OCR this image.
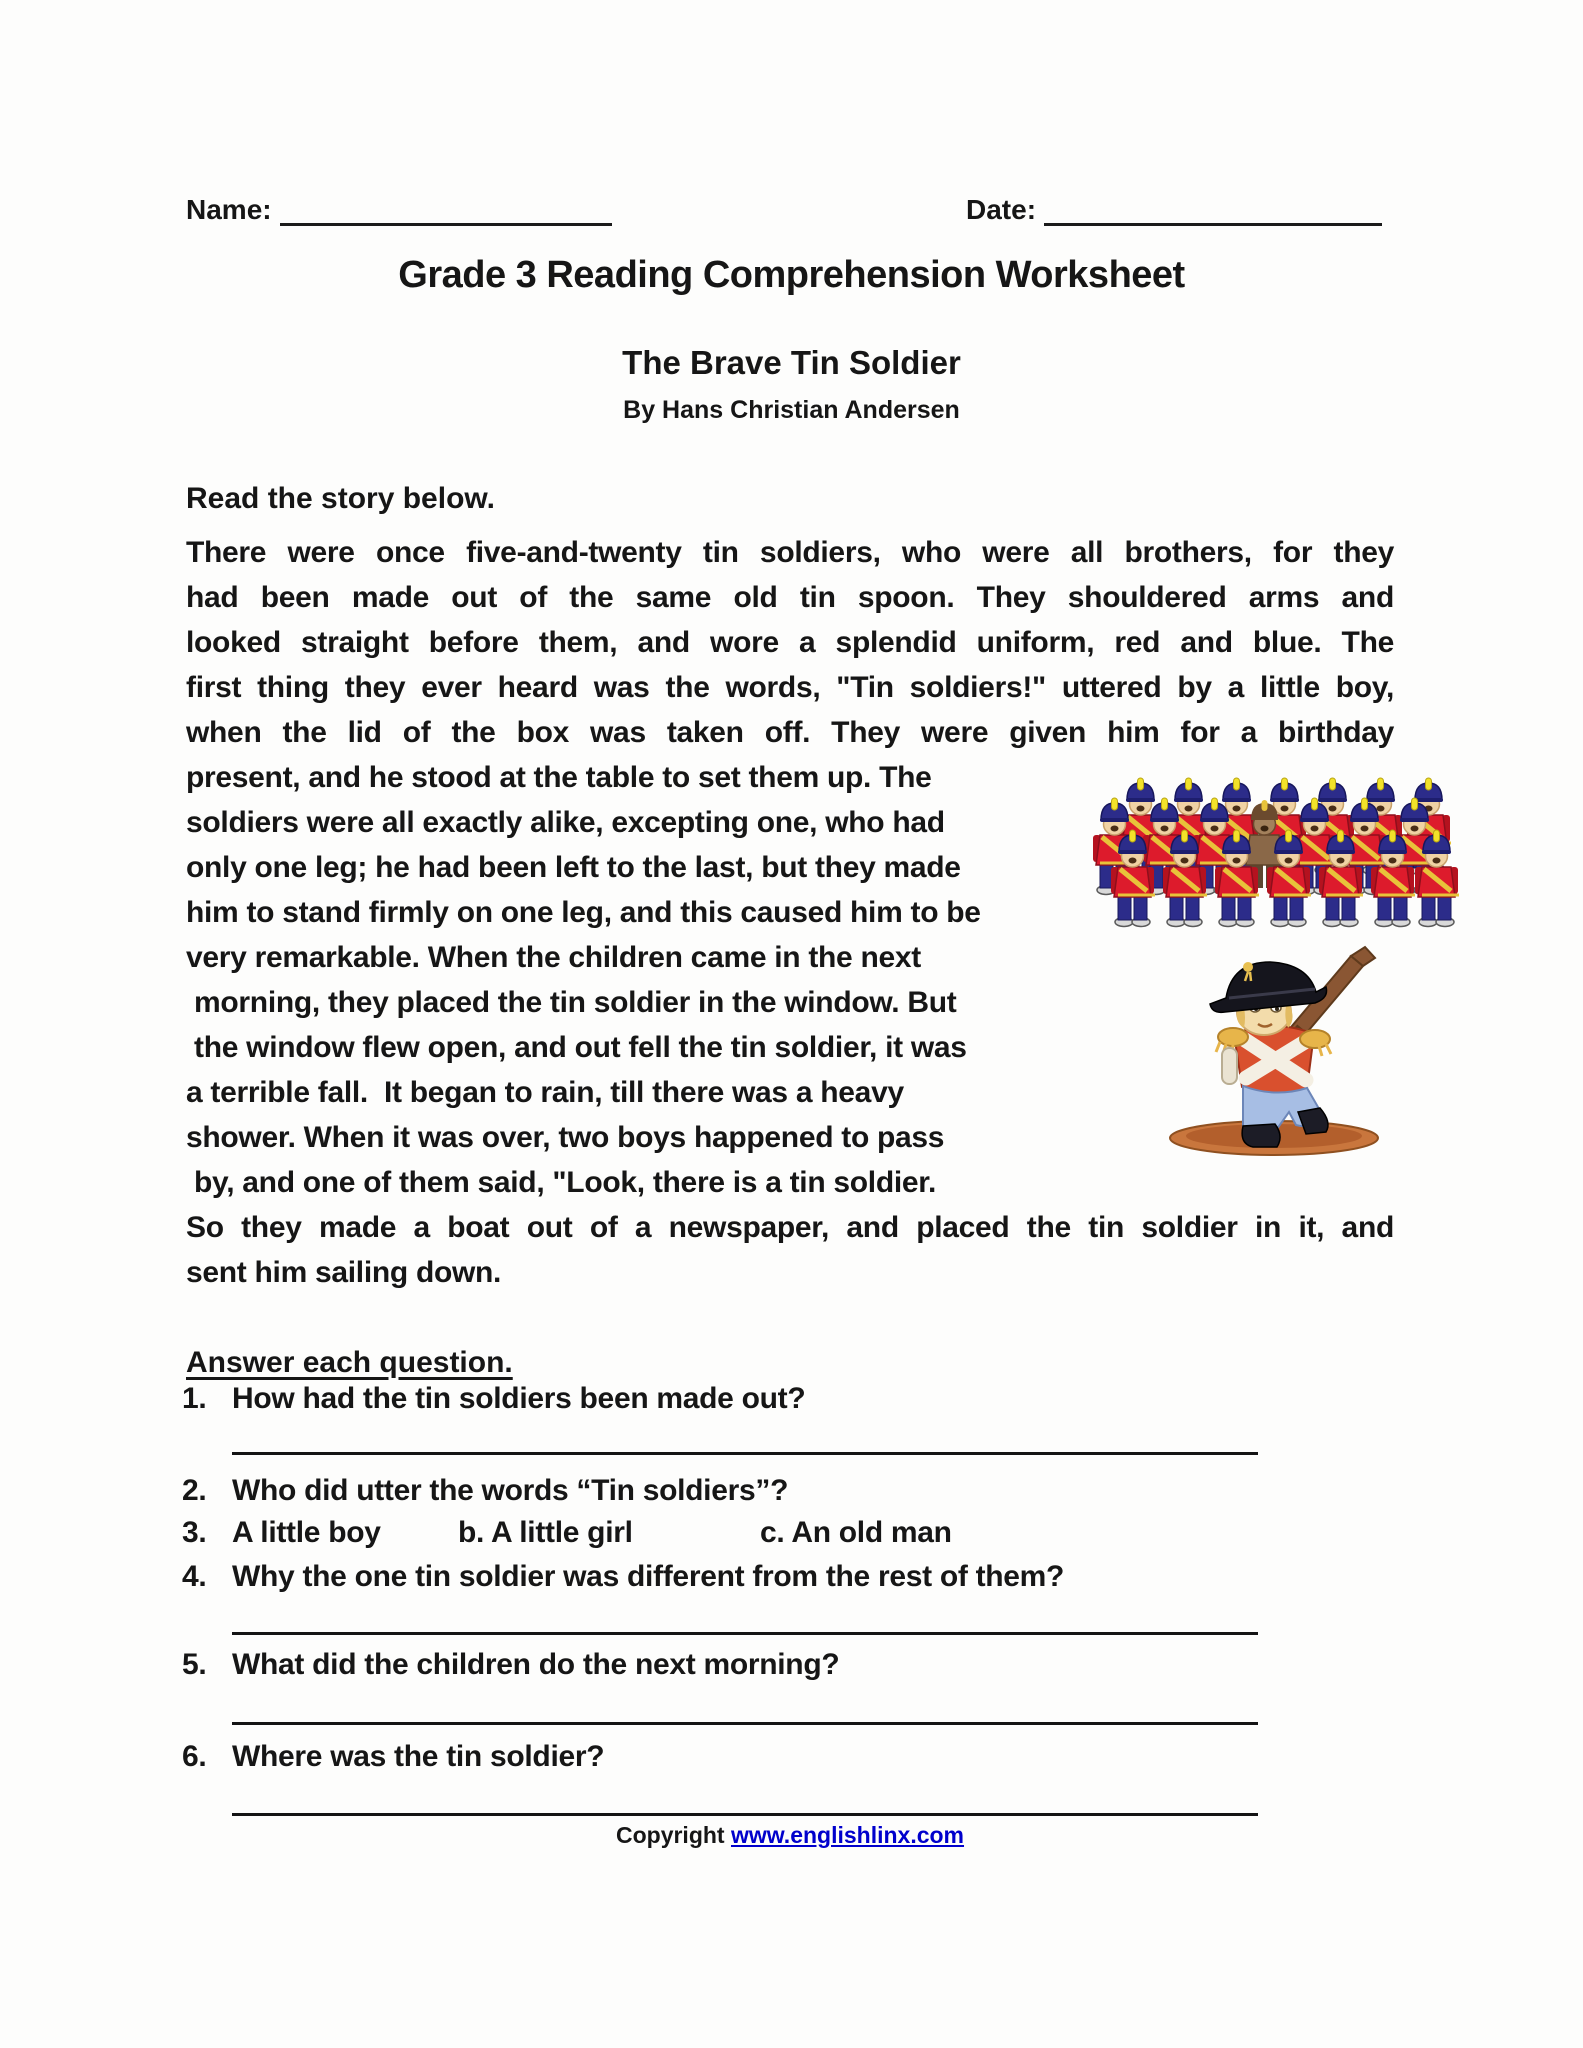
Name:	Date:
Grade 3 Reading Comprehension Worksheet
The Brave Tin Soldier
By Hans Christian Andersen
Read the story below.
There were once five-and-twenty tin soldiers, who were all brothers, for they
had been made out of the same old tin spoon. They shouldered arms and
looked straight before them, and wore a splendid uniform, red and blue. The
first thing they ever heard was the words, "Tin soldiers!" uttered by a little boy,
when the lid of the box was taken off. They were given him for a birthday
present, and he stood at the table to set them up. The
soldiers were all exactly alike, excepting one, who had
only one leg; he had been left to the last, but they made
him to stand firmly on one leg, and this caused him to be
very remarkable. When the children came in the next
morning, they placed the tin soldier in the window. But
the window flew open, and out fell the tin soldier, it was
a terrible fall.  It began to rain, till there was a heavy
shower. When it was over, two boys happened to pass
by, and one of them said, "Look, there is a tin soldier.
So they made a boat out of a newspaper, and placed the tin soldier in it, and
sent him sailing down.
Answer each question.
1. How had the tin soldiers been made out?
2. Who did utter the words “Tin soldiers”?
3. A little boy	b. A little girl	c. An old man
4. Why the one tin soldier was different from the rest of them?
5. What did the children do the next morning?
6. Where was the tin soldier?
Copyright www.englishlinx.com
